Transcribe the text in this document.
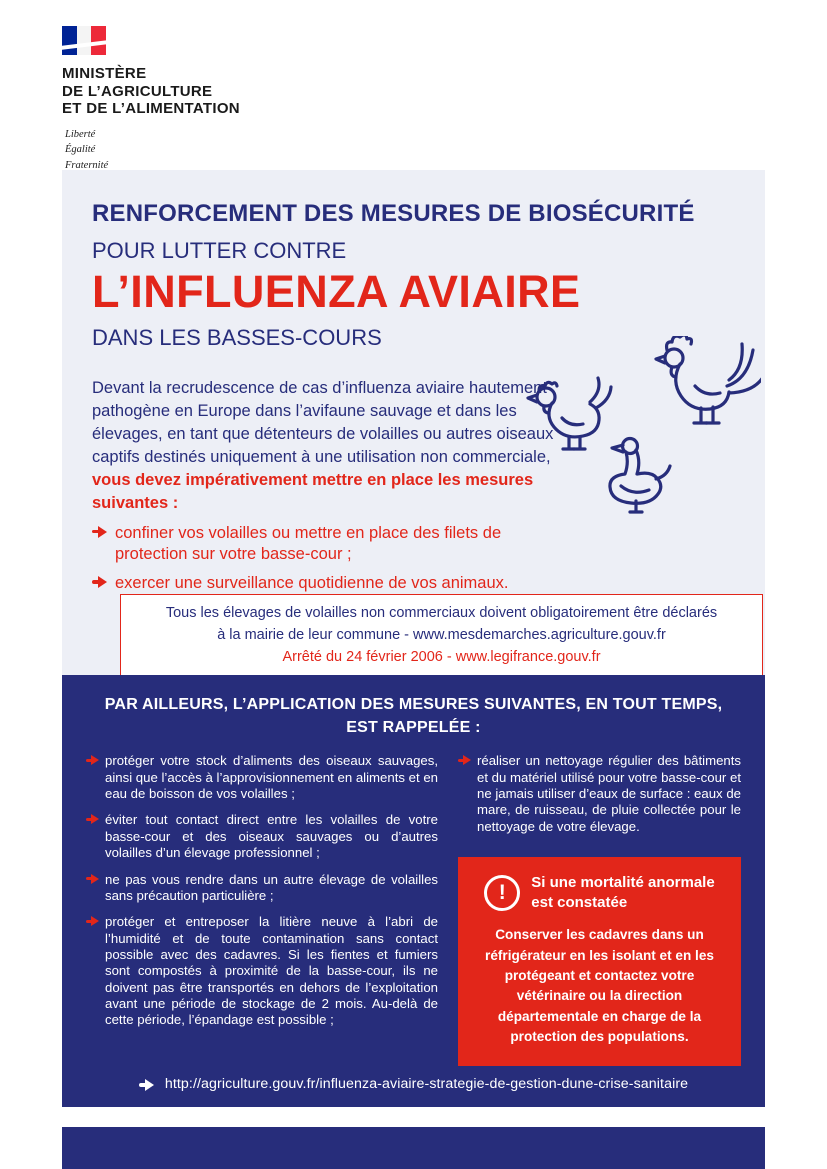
MINISTÈRE
DE L’AGRICULTURE
ET DE L’ALIMENTATION
Liberté
Égalité
Fraternité
RENFORCEMENT DES MESURES DE BIOSÉCURITÉ
POUR LUTTER CONTRE
L’INFLUENZA AVIAIRE
DANS LES BASSES-COURS

Devant la recrudescence de cas d’influenza aviaire hautement pathogène en Europe dans l’avifaune sauvage et dans les élevages, en tant que détenteurs de volailles ou autres oiseaux captifs destinés uniquement à une utilisation non commerciale, vous devez impérativement mettre en place les mesures suivantes :

confiner vos volailles ou mettre en place des filets de protection sur votre basse-cour ;
exercer une surveillance quotidienne de vos animaux.
Tous les élevages de volailles non commerciaux doivent obligatoirement être déclarés
à la mairie de leur commune - www.mesdemarches.agriculture.gouv.fr
Arrêté du 24 février 2006 - www.legifrance.gouv.fr
PAR AILLEURS, L’APPLICATION DES MESURES SUIVANTES, EN TOUT TEMPS,
EST RAPPELÉE :
protéger votre stock d’aliments des oiseaux sauvages, ainsi que l’accès à l’approvisionnement en aliments et en eau de boisson de vos volailles ;
éviter tout contact direct entre les volailles de votre basse-cour et des oiseaux sauvages ou d’autres volailles d’un élevage professionnel ;
ne pas vous rendre dans un autre élevage de volailles sans précaution particulière ;
protéger et entreposer la litière neuve à l’abri de l’humidité et de toute contamination sans contact possible avec des cadavres. Si les fientes et fumiers sont compostés à proximité de la basse-cour, ils ne doivent pas être transportés en dehors de l’exploitation avant une période de stockage de 2 mois. Au-delà de cette période, l’épandage est possible ;
réaliser un nettoyage régulier des bâtiments et du matériel utilisé pour votre basse-cour et ne jamais utiliser d’eaux de surface : eaux de mare, de ruisseau, de pluie collectée pour le nettoyage de votre élevage.
! Si une mortalité anormale
est constatée
Conserver les cadavres dans un réfrigérateur en les isolant et en les protégeant et contactez votre vétérinaire ou la direction départementale en charge de la protection des populations.
http://agriculture.gouv.fr/influenza-aviaire-strategie-de-gestion-dune-crise-sanitaire
